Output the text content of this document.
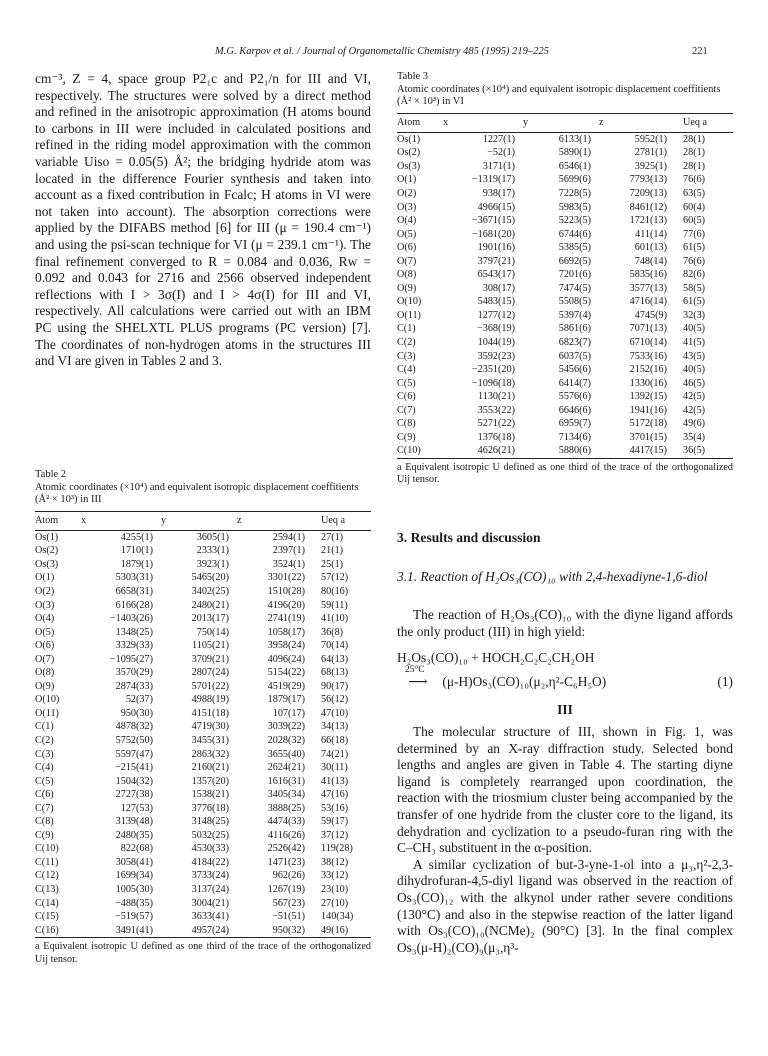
M.G. Karpov et al. / Journal of Organometallic Chemistry 485 (1995) 219–225	221

cm⁻³, Z = 4, space group P2₁c and P2₁/n for III and VI, respectively. The structures were solved by a direct method and refined in the anisotropic approximation (H atoms bound to carbons in III were included in calculated positions and refined in the riding model approximation with the common variable Uiso = 0.05(5) Å²; the bridging hydride atom was located in the difference Fourier synthesis and taken into account as a fixed contribution in Fcalc; H atoms in VI were not taken into account). The absorption corrections were applied by the DIFABS method [6] for III (μ = 190.4 cm⁻¹) and using the psi-scan technique for VI (μ = 239.1 cm⁻¹). The final refinement converged to R = 0.084 and 0.036, Rw = 0.092 and 0.043 for 2716 and 2566 observed independent reflections with I > 3σ(I) and I > 4σ(I) for III and VI, respectively. All calculations were carried out with an IBM PC using the SHELXTL PLUS programs (PC version) [7]. The coordinates of non-hydrogen atoms in the structures III and VI are given in Tables 2 and 3.

Table 2
Atomic coordinates (×10⁴) and equivalent isotropic displacement coeffitients (Å² × 10³) in III
Atom	x	y	z	Ueq a
Os(1)	4255(1)	3605(1)	2594(1)	27(1)
Os(2)	1710(1)	2333(1)	2397(1)	21(1)
Os(3)	1879(1)	3923(1)	3524(1)	25(1)
O(1)	5303(31)	5465(20)	3301(22)	57(12)
O(2)	6658(31)	3402(25)	1510(28)	80(16)
O(3)	6166(28)	2480(21)	4196(20)	59(11)
O(4)	−1403(26)	2013(17)	2741(19)	41(10)
O(5)	1348(25)	750(14)	1058(17)	36(8)
O(6)	3329(33)	1105(21)	3958(24)	70(14)
O(7)	−1095(27)	3709(21)	4096(24)	64(13)
O(8)	3570(29)	2807(24)	5154(22)	68(13)
O(9)	2874(33)	5701(22)	4519(29)	90(17)
O(10)	52(37)	4988(19)	1879(17)	56(12)
O(11)	950(30)	4151(18)	107(17)	47(10)
C(1)	4878(32)	4719(30)	3039(22)	34(13)
C(2)	5752(50)	3455(31)	2028(32)	66(18)
C(3)	5597(47)	2863(32)	3655(40)	74(21)
C(4)	−215(41)	2160(21)	2624(21)	30(11)
C(5)	1504(32)	1357(20)	1616(31)	41(13)
C(6)	2727(38)	1538(21)	3405(34)	47(16)
C(7)	127(53)	3776(18)	3888(25)	53(16)
C(8)	3139(48)	3148(25)	4474(33)	59(17)
C(9)	2480(35)	5032(25)	4116(26)	37(12)
C(10)	822(68)	4530(33)	2526(42)	119(28)
C(11)	3058(41)	4184(22)	1471(23)	38(12)
C(12)	1699(34)	3733(24)	962(26)	33(12)
C(13)	1005(30)	3137(24)	1267(19)	23(10)
C(14)	−488(35)	3004(21)	567(23)	27(10)
C(15)	−519(57)	3633(41)	−51(51)	140(34)
C(16)	3491(41)	4957(24)	950(32)	49(16)
a Equivalent isotropic U defined as one third of the trace of the orthogonalized Uij tensor.
Table 3
Atomic coordinates (×10⁴) and equivalent isotropic displacement coeffitients (Å² × 10³) in VI
Atom	x	y	z	Ueq a
Os(1)	1227(1)	6133(1)	5952(1)	28(1)
Os(2)	−52(1)	5890(1)	2781(1)	28(1)
Os(3)	3171(1)	6546(1)	3925(1)	28(1)
O(1)	−1319(17)	5699(6)	7793(13)	76(6)
O(2)	938(17)	7228(5)	7209(13)	63(5)
O(3)	4966(15)	5983(5)	8461(12)	60(4)
O(4)	−3671(15)	5223(5)	1721(13)	60(5)
O(5)	−1681(20)	6744(6)	411(14)	77(6)
O(6)	1901(16)	5385(5)	601(13)	61(5)
O(7)	3797(21)	6692(5)	748(14)	76(6)
O(8)	6543(17)	7201(6)	5835(16)	82(6)
O(9)	308(17)	7474(5)	3577(13)	58(5)
O(10)	5483(15)	5508(5)	4716(14)	61(5)
O(11)	1277(12)	5397(4)	4745(9)	32(3)
C(1)	−368(19)	5861(6)	7071(13)	40(5)
C(2)	1044(19)	6823(7)	6710(14)	41(5)
C(3)	3592(23)	6037(5)	7533(16)	43(5)
C(4)	−2351(20)	5456(6)	2152(16)	40(5)
C(5)	−1096(18)	6414(7)	1330(16)	46(5)
C(6)	1130(21)	5576(6)	1392(15)	42(5)
C(7)	3553(22)	6646(6)	1941(16)	42(5)
C(8)	5271(22)	6959(7)	5172(18)	49(6)
C(9)	1376(18)	7134(6)	3701(15)	35(4)
C(10)	4626(21)	5880(6)	4417(15)	36(5)
a Equivalent isotropic U defined as one third of the trace of the orthogonalized Uij tensor.
3. Results and discussion
3.1. Reaction of H₂Os₃(CO)₁₀ with 2,4-hexadiyne-1,6-diol

The reaction of H₂Os₃(CO)₁₀ with the diyne ligand affords the only product (III) in high yield:

H₂Os₃(CO)₁₀ + HOCH₂C₂C₂CH₂OH
25°C
⟶ (μ-H)Os₃(CO)₁₀(μ₂,η²-C₆H₅O)	(1)
III

The molecular structure of III, shown in Fig. 1, was determined by an X-ray diffraction study. Selected bond lengths and angles are given in Table 4. The starting diyne ligand is completely rearranged upon coordination, the reaction with the triosmium cluster being accompanied by the transfer of one hydride from the cluster core to the ligand, its dehydration and cyclization to a pseudo-furan ring with the C–CH₃ substituent in the α-position.

A similar cyclization of but-3-yne-1-ol into a μ₃,η²-2,3-dihydrofuran-4,5-diyl ligand was observed in the reaction of Os₃(CO)₁₂ with the alkynol under rather severe conditions (130°C) and also in the stepwise reaction of the latter ligand with Os₃(CO)₁₀(NCMe)₂ (90°C) [3]. In the final complex Os₃(μ-H)₂(CO)₉(μ₃,η³-
